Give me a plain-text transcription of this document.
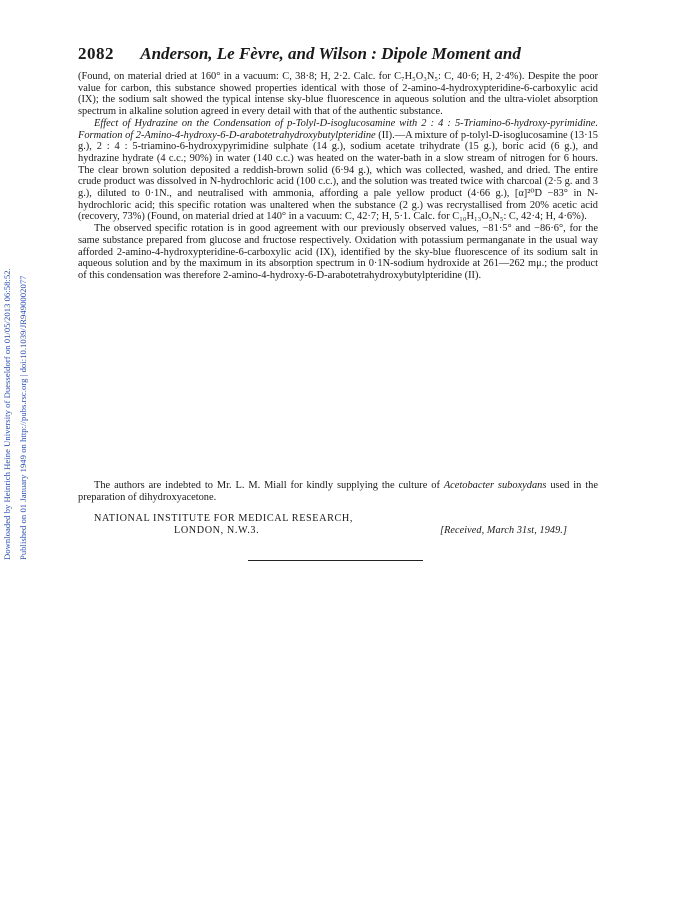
Downloaded by Heinrich Heine University of Duesseldorf on 01/05/2013 06:58:52. Published on 01 January 1949 on http://pubs.rsc.org | doi:10.1039/JR9490002077
2082 Anderson, Le Fèvre, and Wilson : Dipole Moment and

(Found, on material dried at 160° in a vacuum: C, 38·8; H, 2·2. Calc. for C₇H₅O₃N₅: C, 40·6; H, 2·4%). Despite the poor value for carbon, this substance showed properties identical with those of 2-amino-4-hydroxypteridine-6-carboxylic acid (IX); the sodium salt showed the typical intense sky-blue fluorescence in aqueous solution and the ultra-violet absorption spectrum in alkaline solution agreed in every detail with that of the authentic substance.

Effect of Hydrazine on the Condensation of p-Tolyl-D-isoglucosamine with 2 : 4 : 5-Triamino-6-hydroxy-pyrimidine. Formation of 2-Amino-4-hydroxy-6-D-arabotetrahydroxybutylpteridine (II).—A mixture of p-tolyl-D-isoglucosamine (13·15 g.), 2 : 4 : 5-triamino-6-hydroxypyrimidine sulphate (14 g.), sodium acetate trihydrate (15 g.), boric acid (6 g.), and hydrazine hydrate (4 c.c.; 90%) in water (140 c.c.) was heated on the water-bath in a slow stream of nitrogen for 6 hours. The clear brown solution deposited a reddish-brown solid (6·94 g.), which was collected, washed, and dried. The entire crude product was dissolved in N-hydrochloric acid (100 c.c.), and the solution was treated twice with charcoal (2·5 g. and 3 g.), diluted to 0·1N., and neutralised with ammonia, affording a pale yellow product (4·66 g.), [α]²⁰D −83° in N-hydrochloric acid; this specific rotation was unaltered when the substance (2 g.) was recrystallised from 20% acetic acid (recovery, 73%) (Found, on material dried at 140° in a vacuum: C, 42·7; H, 5·1. Calc. for C₁₀H₁₃O₅N₅: C, 42·4; H, 4·6%).

The observed specific rotation is in good agreement with our previously observed values, −81·5° and −86·6°, for the same substance prepared from glucose and fructose respectively. Oxidation with potassium permanganate in the usual way afforded 2-amino-4-hydroxypteridine-6-carboxylic acid (IX), identified by the sky-blue fluorescence of its sodium salt in aqueous solution and by the maximum in its absorption spectrum in 0·1N-sodium hydroxide at 261—262 mμ.; the product of this condensation was therefore 2-amino-4-hydroxy-6-D-arabotetrahydroxybutylpteridine (II).

The authors are indebted to Mr. L. M. Miall for kindly supplying the culture of Acetobacter suboxydans used in the preparation of dihydroxyacetone.

NATIONAL INSTITUTE FOR MEDICAL RESEARCH,
LONDON, N.W.3.	[Received, March 31st, 1949.]
